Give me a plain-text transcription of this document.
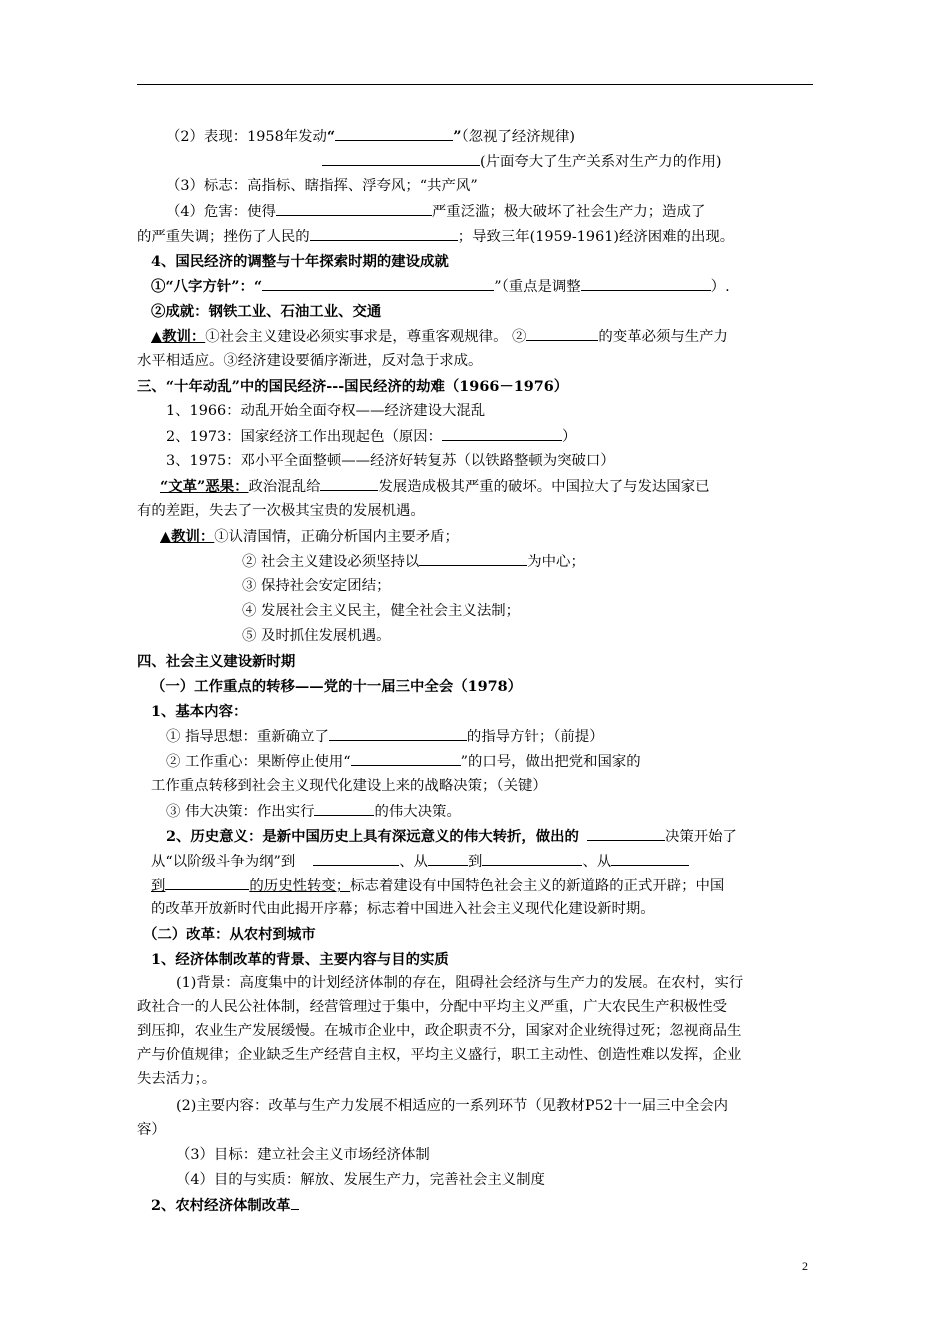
（2）表现：1958年发动“	”（忽视了经济规律)
(片面夸大了生产关系对生产力的作用)
（3）标志：高指标、瞎指挥、浮夸风；“共产风”
（4）危害：使得	严重泛滥；极大破坏了社会生产力；造成了
的严重失调；挫伤了人民的	；导致三年(1959-1961)经济困难的出现。
4、国民经济的调整与十年探索时期的建设成就
①“八字方针”：“	”（重点是调整	）.
②成就：钢铁工业、石油工业、交通
▲教训：①社会主义建设必须实事求是，尊重客观规律。 ②	的变革必须与生产力
水平相适应。③经济建设要循序渐进，反对急于求成。
三、“十年动乱”中的国民经济---国民经济的劫难（1966－1976）
1、1966：动乱开始全面夺权——经济建设大混乱
2、1973：国家经济工作出现起色（原因：	）
3、1975：邓小平全面整顿——经济好转复苏（以铁路整顿为突破口）
“文革”恶果：政治混乱给	发展造成极其严重的破坏。中国拉大了与发达国家已
有的差距，失去了一次极其宝贵的发展机遇。
▲教训：①认清国情，正确分析国内主要矛盾；
② 社会主义建设必须坚持以	为中心；
③ 保持社会安定团结；
④ 发展社会主义民主，健全社会主义法制；
⑤ 及时抓住发展机遇。
四、社会主义建设新时期
（一）工作重点的转移——党的十一届三中全会（1978）
1、基本内容：
① 指导思想：重新确立了	的指导方针；（前提）
② 工作重心：果断停止使用“	”的口号，做出把党和国家的
工作重点转移到社会主义现代化建设上来的战略决策；（关键）
③ 伟大决策：作出实行	的伟大决策。
2、历史意义：是新中国历史上具有深远意义的伟大转折，做出的	决策开始了
从“以阶级斗争为纲”到	、从	到	、从
到	的历史性转变；标志着建设有中国特色社会主义的新道路的正式开辟；中国
的改革开放新时代由此揭开序幕；标志着中国进入社会主义现代化建设新时期。
（二）改革：从农村到城市
1、经济体制改革的背景、主要内容与目的实质
(1)背景：高度集中的计划经济体制的存在，阻碍社会经济与生产力的发展。在农村，实行
政社合一的人民公社体制，经营管理过于集中，分配中平均主义严重，广大农民生产积极性受
到压抑，农业生产发展缓慢。在城市企业中，政企职责不分，国家对企业统得过死；忽视商品生
产与价值规律；企业缺乏生产经营自主权，平均主义盛行，职工主动性、创造性难以发挥，企业
失去活力；。
(2)主要内容：改革与生产力发展不相适应的一系列环节（见教材P52十一届三中全会内
容）
（3）目标：建立社会主义市场经济体制
（4）目的与实质：解放、发展生产力，完善社会主义制度
2、农村经济体制改革
2
